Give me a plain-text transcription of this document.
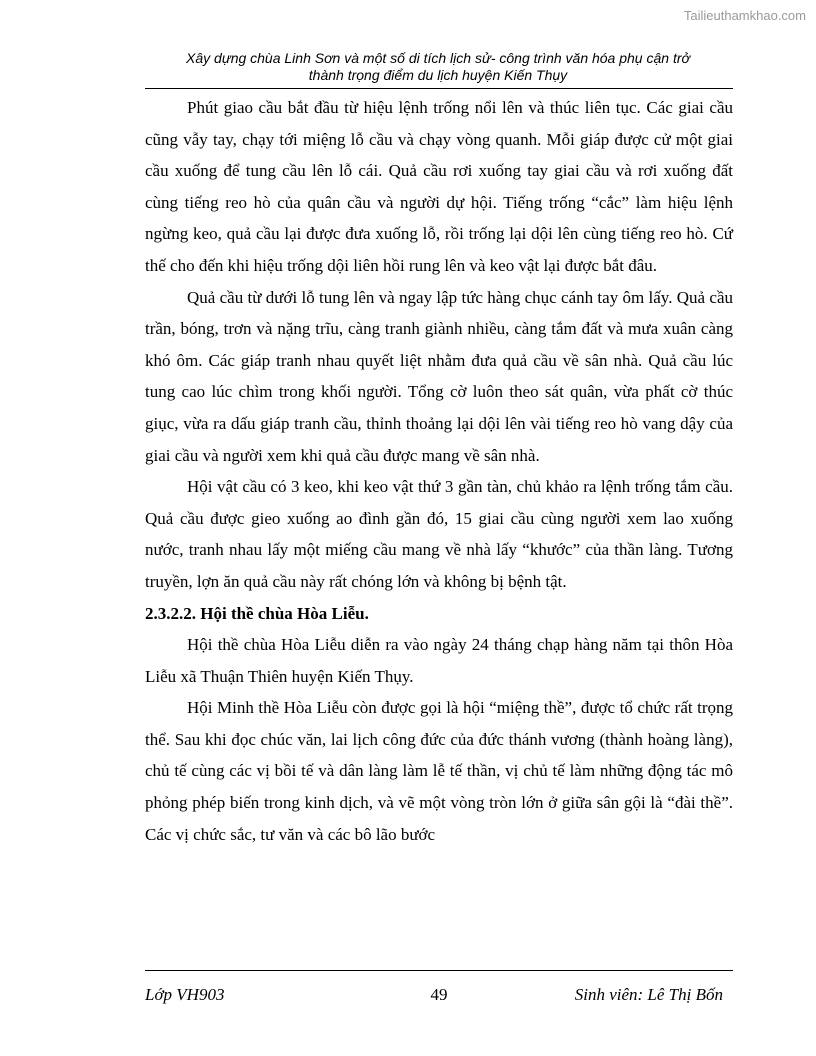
Tailieuthamkhao.com
Xây dựng chùa Linh Sơn và một số di tích lịch sử- công trình văn hóa phụ cận trở
thành trọng điểm du lịch huyện Kiến Thụy

Phút giao cầu bắt đầu từ hiệu lệnh trống nổi lên và thúc liên tục. Các giai cầu cũng vẫy tay, chạy tới miệng lỗ cầu và chạy vòng quanh. Mỗi giáp được cử một giai cầu xuống để tung cầu lên lỗ cái. Quả cầu rơi xuống tay giai cầu và rơi xuống đất cùng tiếng reo hò của quân cầu và người dự hội. Tiếng trống “cắc” làm hiệu lệnh ngừng keo, quả cầu lại được đưa xuống lỗ, rồi trống lại dội lên cùng tiếng reo hò. Cứ thế cho đến khi hiệu trống dội liên hồi rung lên và keo vật lại được bắt đâu.

Quả cầu từ dưới lỗ tung lên và ngay lập tức hàng chục cánh tay ôm lấy. Quả cầu trần, bóng, trơn và nặng trĩu, càng tranh giành nhiều, càng tắm đất và mưa xuân càng khó ôm. Các giáp tranh nhau quyết liệt nhằm đưa quả cầu về sân nhà. Quả cầu lúc tung cao lúc chìm trong khối người. Tổng cờ luôn theo sát quân, vừa phất cờ thúc giục, vừa ra dấu giáp tranh cầu, thỉnh thoảng lại dội lên vài tiếng reo hò vang dậy của giai cầu và người xem khi quả cầu được mang về sân nhà.

Hội vật cầu có 3 keo, khi keo vật thứ 3 gần tàn, chủ khảo ra lệnh trống tắm cầu. Quả cầu được gieo xuống ao đình gần đó, 15 giai cầu cùng người xem lao xuống nước, tranh nhau lấy một miếng cầu mang về nhà lấy “khước” của thần làng. Tương truyền, lợn ăn quả cầu này rất chóng lớn và không bị bệnh tật.

2.3.2.2. Hội thề chùa Hòa Liễu.

Hội thề chùa Hòa Liễu diễn ra vào ngày 24 tháng chạp hàng năm tại thôn Hòa Liễu xã Thuận Thiên huyện Kiến Thụy.

Hội Minh thề Hòa Liễu còn được gọi là hội “miệng thề”, được tổ chức rất trọng thể. Sau khi đọc chúc văn, lai lịch công đức của đức thánh vương (thành hoàng làng), chủ tế cùng các vị bồi tế và dân làng làm lễ tế thần, vị chủ tế làm những động tác mô phỏng phép biến trong kinh dịch, và vẽ một vòng tròn lớn ở giữa sân gội là “đài thề”. Các vị chức sắc, tư văn và các bô lão bước

Lớp VH903	49	Sinh viên: Lê Thị Bốn
